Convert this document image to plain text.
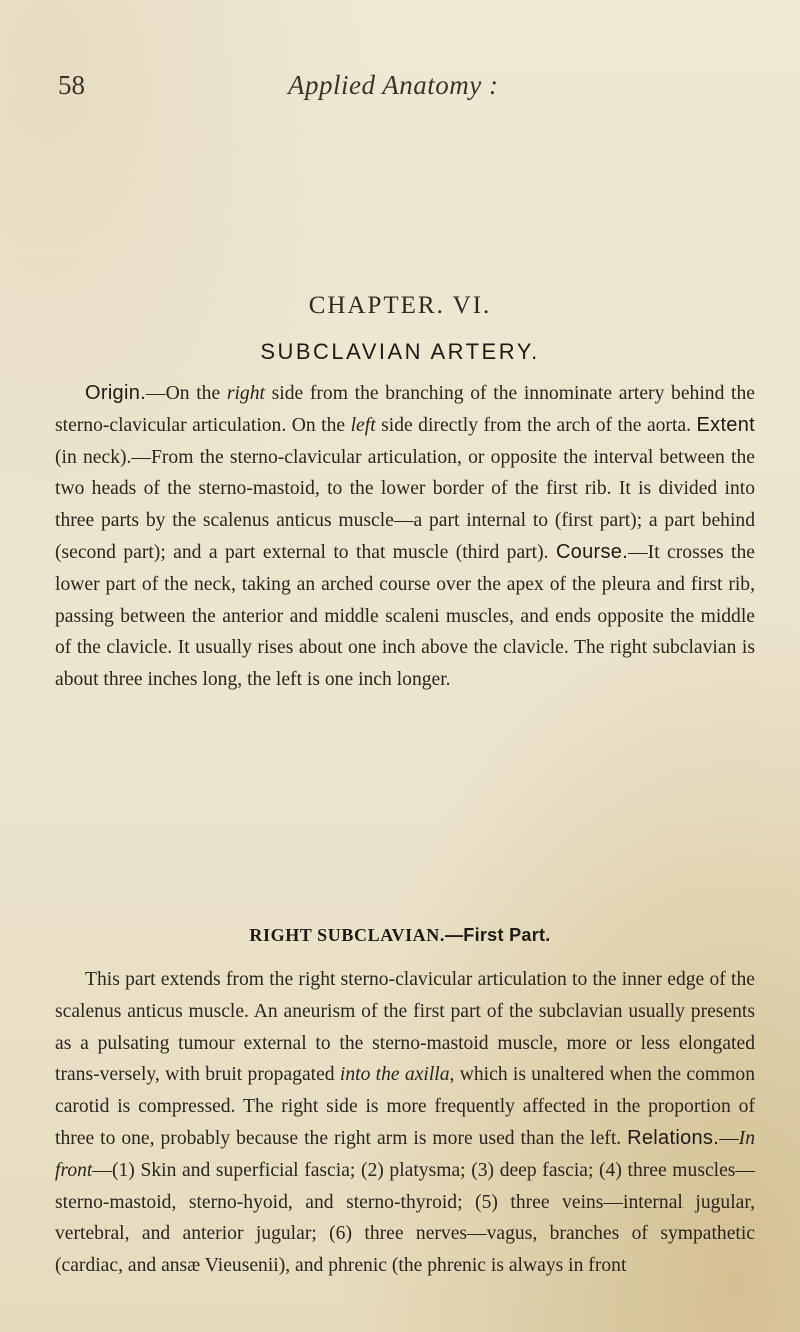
58	Applied Anatomy :
CHAPTER. VI.
SUBCLAVIAN ARTERY.

Origin.—On the right side from the branching of the innominate artery behind the sterno-clavicular articulation. On the left side directly from the arch of the aorta. Extent (in neck).—From the sterno-clavicular articulation, or opposite the interval between the two heads of the sterno-mastoid, to the lower border of the first rib. It is divided into three parts by the scalenus anticus muscle—a part internal to (first part); a part behind (second part); and a part external to that muscle (third part). Course.—It crosses the lower part of the neck, taking an arched course over the apex of the pleura and first rib, passing between the anterior and middle scaleni muscles, and ends opposite the middle of the clavicle. It usually rises about one inch above the clavicle. The right subclavian is about three inches long, the left is one inch longer.

RIGHT SUBCLAVIAN.—First Part.

This part extends from the right sterno-clavicular articulation to the inner edge of the scalenus anticus muscle. An aneurism of the first part of the subclavian usually presents as a pulsating tumour external to the sterno-mastoid muscle, more or less elongated trans-versely, with bruit propagated into the axilla, which is unaltered when the common carotid is compressed. The right side is more frequently affected in the proportion of three to one, probably because the right arm is more used than the left. Relations.—In front—(1) Skin and superficial fascia; (2) platysma; (3) deep fascia; (4) three muscles—sterno-mastoid, sterno-hyoid, and sterno-thyroid; (5) three veins—internal jugular, vertebral, and anterior jugular; (6) three nerves—vagus, branches of sympathetic (cardiac, and ansæ Vieusenii), and phrenic (the phrenic is always in front
